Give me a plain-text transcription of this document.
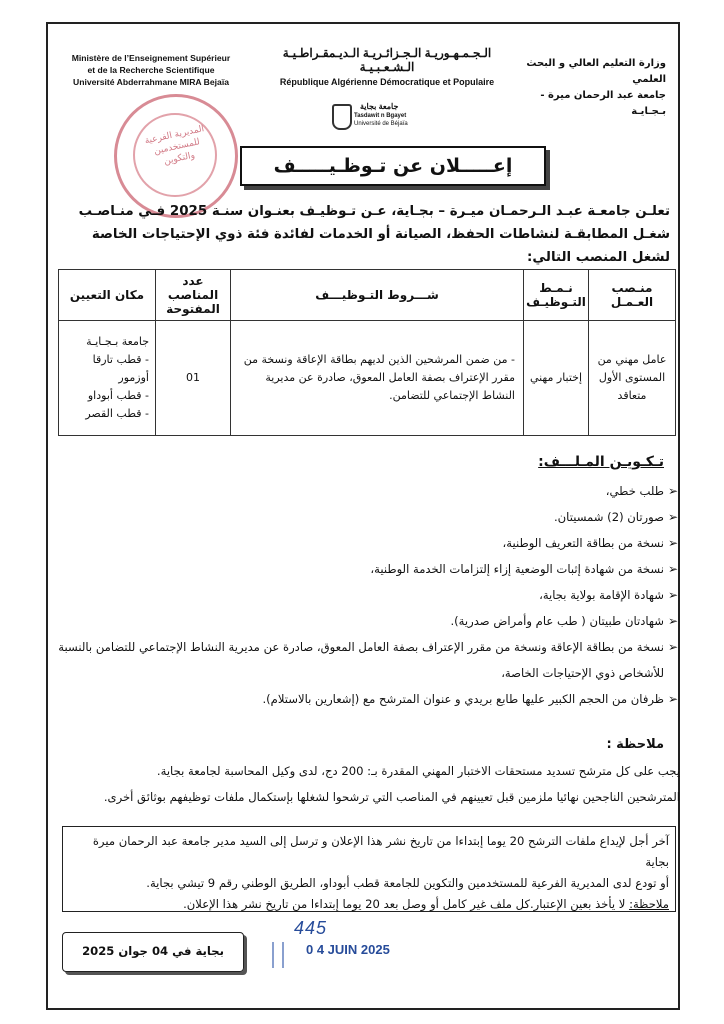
Ministère de l’Enseignement Supérieur
et de la Recherche Scientifique
Université Abderrahmane MIRA Bejaïa
الـجـمـهـوريـة الـجـزائـريـة الـديـمقـراطـيـة الـشـعـبـيـة
République Algérienne Démocratique et Populaire
وزارة التعليم العالي و البحث العلمي
جامعة عبد الرحمان ميرة - بـجـايـة
جامعة بجاية
Tasdawit n Bgayet
Université de Béjaïa
المديرية الفرعية للمستخدمين والتكوين	إعـــــلان عن تـوظـيـــــف
تعلـن جامعـة عبـد الـرحمـان ميـرة – بجـاية، عـن تـوظيـف بعنـوان سنـة 2025 فـي منـاصـب شغـل المطابقـة لنشاطات الحفظ، الصيانة أو الخدمات لفائدة فئة ذوي الإحتياجات الخاصة لشغل المنصب التالي:
منـصب العـمـل	نـمـط التـوظيـف	شـــروط التـوظيـــف	عدد المناصب المفتوحة	مكان التعيين
عامل مهني من المستوى الأول متعاقد	إختبار مهني	- من ضمن المرشحين الذين لديهم بطاقة الإعاقة ونسخة من مقرر الإعتراف بصفة العامل المعوق، صادرة عن مديرية النشاط الإجتماعي للتضامن.	01	جامعة بـجـايـة
- قطب تارقا أوزمور
- قطب أبوداو
- قطب القصر
تـكـويـن المـلـــف:
➢
طلب خطي،
➢
صورتان (2) شمسيتان.
➢
نسخة من بطاقة التعريف الوطنية،
➢
نسخة من شهادة إثبات الوضعية إزاء إلتزامات الخدمة الوطنية،
➢
شهادة الإقامة بولاية بجاية،
➢
شهادتان طبيتان ( طب عام وأمراض صدرية).
➢
نسخة من بطاقة الإعاقة ونسخة من مقرر الإعتراف بصفة العامل المعوق، صادرة عن مديرية النشاط الإجتماعي للتضامن بالنسبة للأشخاص ذوي الإحتياجات الخاصة،
➢
ظرفان من الحجم الكبير عليها طابع بريدي و عنوان المترشح مع (إشعارين بالاستلام).
ملاحظة :
يجب على كل مترشح تسديد مستحقات الاختبار المهني المقدرة بـ: 200 دج، لدى وكيل المحاسبة لجامعة بجاية.
المترشحين الناجحين نهائيا ملزمين قبل تعيينهم في المناصب التي ترشحوا لشغلها بإستكمال ملفات توظيفهم بوثائق أخرى.
آخر أجل لإيداع ملفات الترشح 20 يوما إبتداءا من تاريخ نشر هذا الإعلان و ترسل إلى السيد مدير جامعة عبد الرحمان ميرة بجاية
أو تودع لدى المديرية الفرعية للمستخدمين والتكوين للجامعة قطب أبوداو، الطريق الوطني رقم 9 تيشي بجاية.
ملاحظة: لا يأخذ بعين الإعتبار.كل ملف غير كامل أو وصل بعد 20 يوما إبتداءا من تاريخ نشر هذا الإعلان.
بجاية في 04 جوان 2025
445
0 4 JUIN 2025
